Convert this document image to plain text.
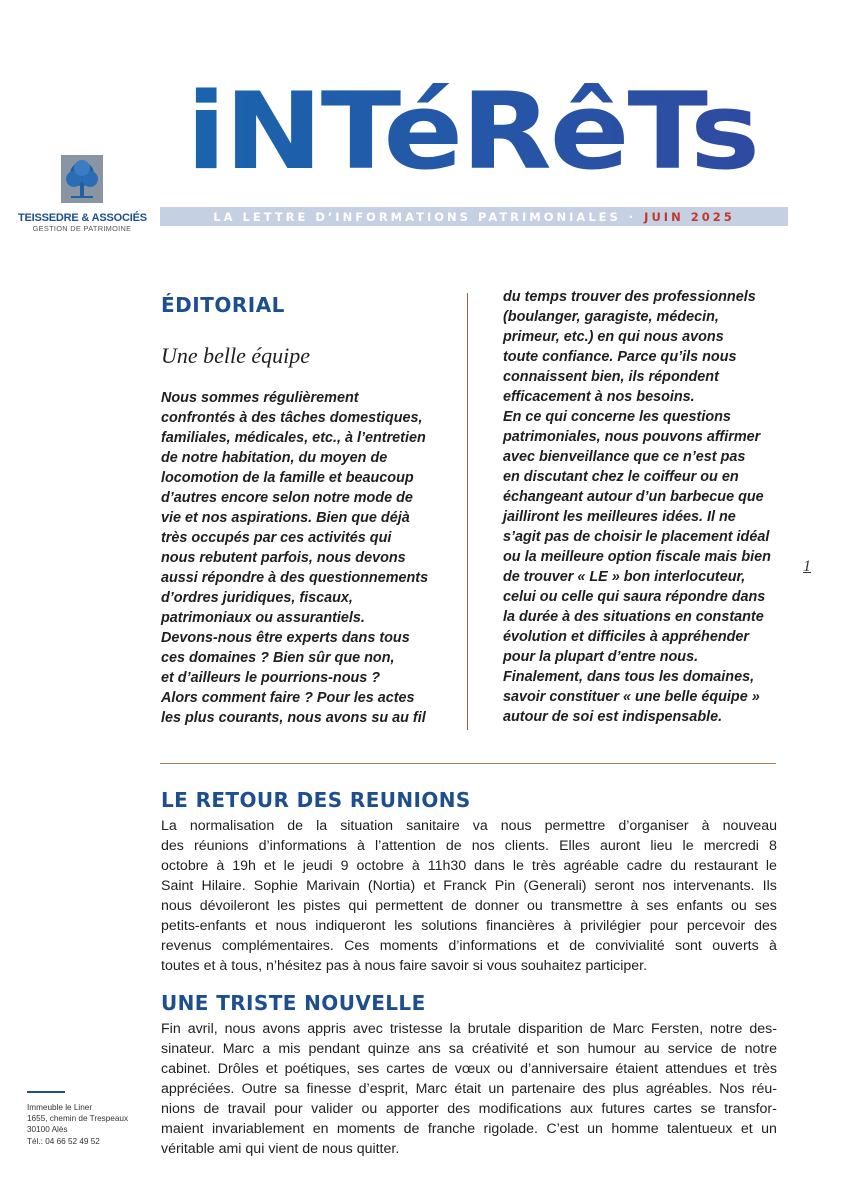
iNTéRêTs
LA LETTRE D’INFORMATIONS PATRIMONIALES · JUIN 2025
TEISSEDRE & ASSOCIÉS
GESTION DE PATRIMOINE
ÉDITORIAL
Une belle équipe
Nous sommes régulièrement
confrontés à des tâches domestiques,
familiales, médicales, etc., à l’entretien
de notre habitation, du moyen de
locomotion de la famille et beaucoup
d’autres encore selon notre mode de
vie et nos aspirations. Bien que déjà
très occupés par ces activités qui
nous rebutent parfois, nous devons
aussi répondre à des questionnements
d’ordres juridiques, fiscaux,
patrimoniaux ou assurantiels.
Devons-nous être experts dans tous
ces domaines ? Bien sûr que non,
et d’ailleurs le pourrions-nous ?
Alors comment faire ? Pour les actes
les plus courants, nous avons su au fil
du temps trouver des professionnels
(boulanger, garagiste, médecin,
primeur, etc.) en qui nous avons
toute confiance. Parce qu’ils nous
connaissent bien, ils répondent
efficacement à nos besoins.
En ce qui concerne les questions
patrimoniales, nous pouvons affirmer
avec bienveillance que ce n’est pas
en discutant chez le coiffeur ou en
échangeant autour d’un barbecue que
jailliront les meilleures idées. Il ne
s’agit pas de choisir le placement idéal
ou la meilleure option fiscale mais bien
de trouver « LE » bon interlocuteur,
celui ou celle qui saura répondre dans
la durée à des situations en constante
évolution et difficiles à appréhender
pour la plupart d’entre nous.
Finalement, dans tous les domaines,
savoir constituer « une belle équipe »
autour de soi est indispensable.
1
LE RETOUR DES REUNIONS
La normalisation de la situation sanitaire va nous permettre d’organiser à nouveau
des réunions d’informations à l’attention de nos clients. Elles auront lieu le mercredi 8
octobre à 19h et le jeudi 9 octobre à 11h30 dans le très agréable cadre du restaurant le
Saint Hilaire. Sophie Marivain (Nortia) et Franck Pin (Generali) seront nos intervenants. Ils
nous dévoileront les pistes qui permettent de donner ou transmettre à ses enfants ou ses
petits-enfants et nous indiqueront les solutions financières à privilégier pour percevoir des
revenus complémentaires. Ces moments d’informations et de convivialité sont ouverts à
toutes
et
à
tous,
n’hésitez
pas
à
nous
faire
savoir
si
vous
souhaitez
participer.
UNE TRISTE NOUVELLE
Fin avril, nous avons appris avec tristesse la brutale disparition de Marc Fersten, notre des-
sinateur. Marc a mis pendant quinze ans sa créativité et son humour au service de notre
cabinet. Drôles et poétiques, ses cartes de vœux ou d’anniversaire étaient attendues et très
appréciées. Outre sa finesse d’esprit, Marc était un partenaire des plus agréables. Nos réu-
nions de travail pour valider ou apporter des modifications aux futures cartes se transfor-
maient invariablement en moments de franche rigolade. C’est un homme talentueux et un
véritable
ami
qui
vient
de
nous
quitter.
Immeuble le Liner
1655, chemin de Trespeaux
30100 Alès
Tél.: 04 66 52 49 52
